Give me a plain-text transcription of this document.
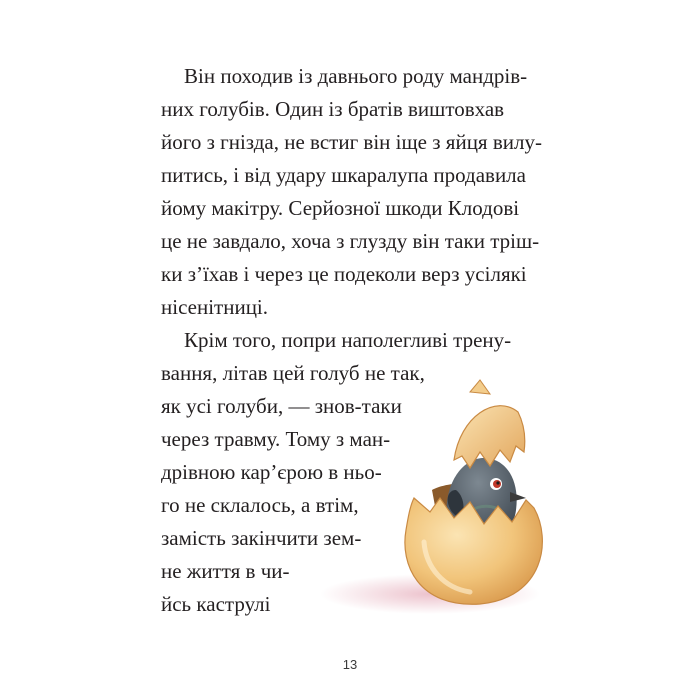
Він походив із давнього роду мандрів-
них голубів. Один із братів виштовхав
його з гнізда, не встиг він іще з яйця вилу-
питись, і від удару шкаралупа продавила
йому макітру. Серйозної шкоди Клодові
це не завдало, хоча з глузду він таки тріш-
ки з’їхав і через це подеколи верз усілякі
нісенітниці.
Крім того, попри наполегливі трену-
вання, літав цей голуб не так,
як усі голуби, — знов-таки
через травму. Тому з ман-
дрівною кар’єрою в ньо-
го не склалось, а втім,
замість закінчити зем-
не життя в чи-
йсь каструлі
13
